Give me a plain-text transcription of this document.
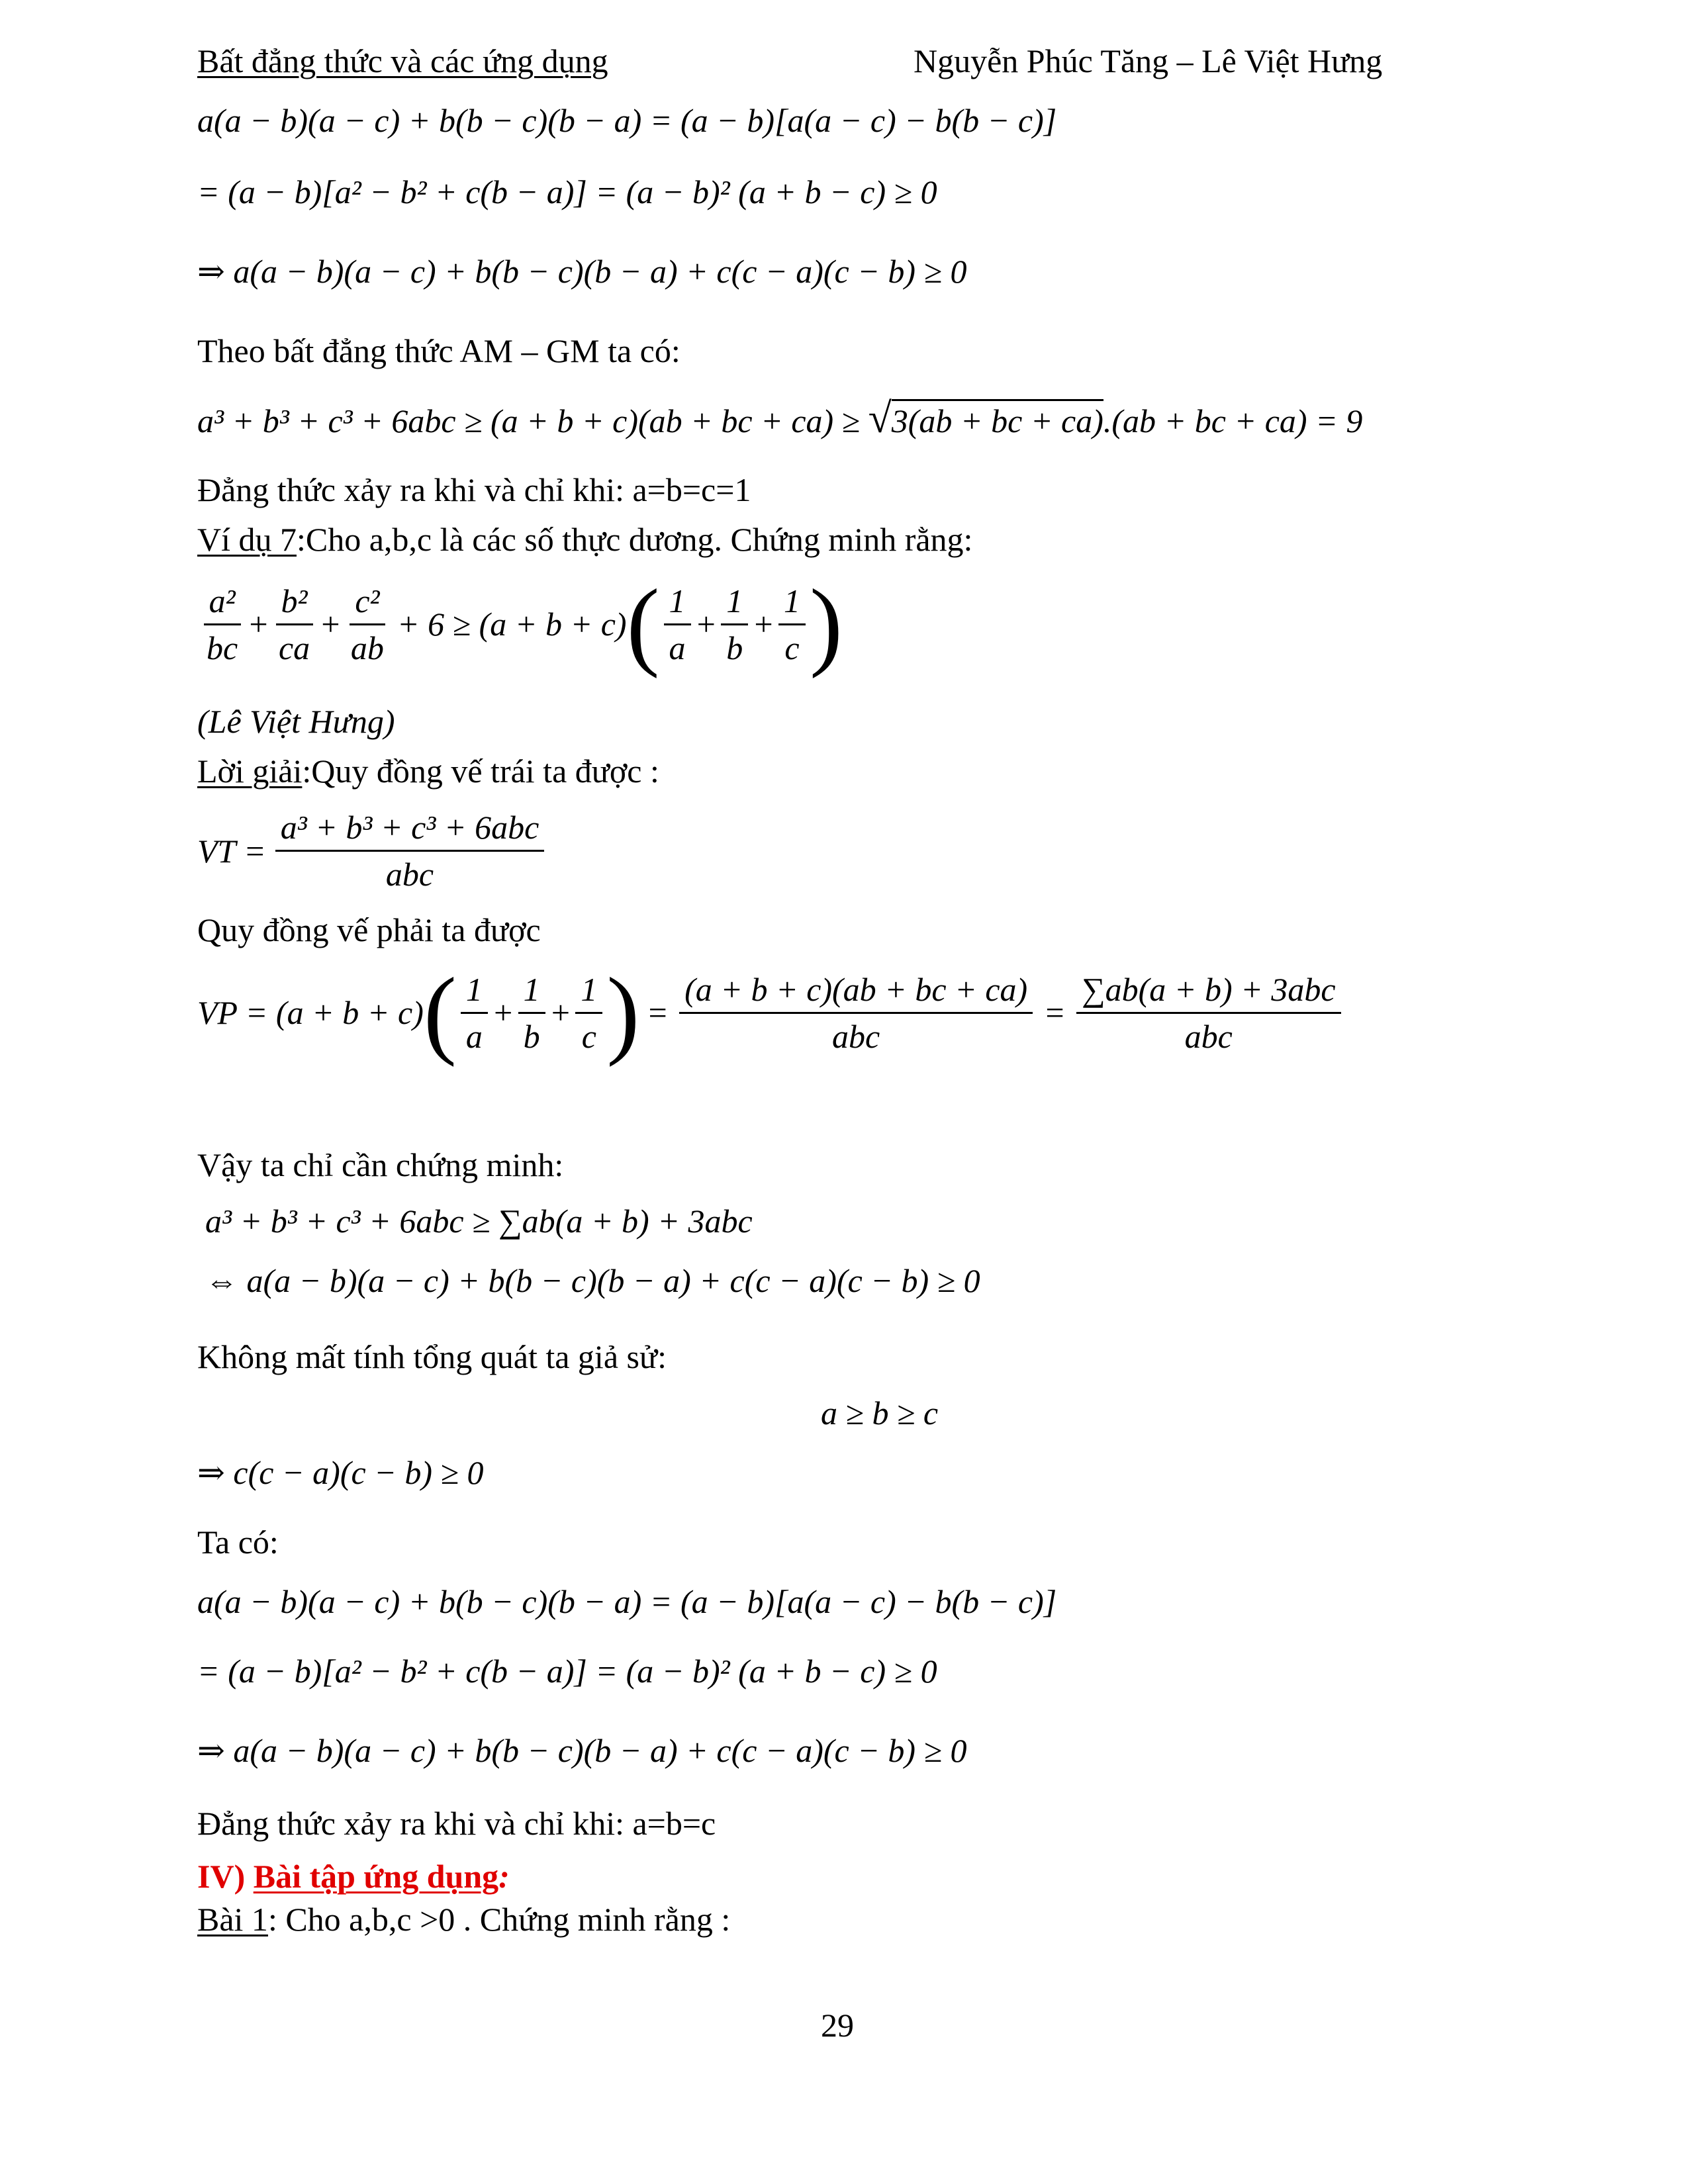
Bất đẳng thức và các ứng dụng	Nguyễn Phúc Tăng – Lê Việt Hưng
a(a − b)(a − c) + b(b − c)(b − a) = (a − b)[a(a − c) − b(b − c)]
= (a − b)[a² − b² + c(b − a)] = (a − b)² (a + b − c) ≥ 0
⇒ a(a − b)(a − c) + b(b − c)(b − a) + c(c − a)(c − b) ≥ 0
Theo bất đẳng thức AM – GM ta có:
a³ + b³ + c³ + 6abc ≥ (a + b + c)(ab + bc + ca) ≥ √3(ab + bc + ca).(ab + bc + ca) = 9
Đẳng thức xảy ra khi và chỉ khi: a=b=c=1
Ví dụ 7:Cho a,b,c là các số thực dương. Chứng minh rằng:
$\frac{\text{a²}}{bc} + \frac{\text{b²}}{ca} + \frac{\text{c²}}{ab} + 6 \ge (a + b + c)$ ( $\frac{1}{a} + \frac{1}{b} + \frac{1}{c}$ )
(Lê Việt Hưng)
Lời giải:Quy đồng vế trái ta được :
VT = $\frac{\text{a³ + b³ + c³ + 6abc}}{\text{abc}}$
Quy đồng vế phải ta được
VP = (a + b + c) ( $\frac{1}{a} + \frac{1}{b} + \frac{1}{c}$ ) = $\frac{(a + b + c)(ab + bc + ca)}{\text{abc}} = \frac{\text{∑ab(a + b) + 3abc}}{\text{abc}}$
Vậy ta chỉ cần chứng minh:
a³ + b³ + c³ + 6abc ≥ ∑ab(a + b) + 3abc
⇔ a(a − b)(a − c) + b(b − c)(b − a) + c(c − a)(c − b) ≥ 0
Không mất tính tổng quát ta giả sử:
a ≥ b ≥ c
⇒ c(c − a)(c − b) ≥ 0
Ta có:
a(a − b)(a − c) + b(b − c)(b − a) = (a − b)[a(a − c) − b(b − c)]
= (a − b)[a² − b² + c(b − a)] = (a − b)² (a + b − c) ≥ 0
⇒ a(a − b)(a − c) + b(b − c)(b − a) + c(c − a)(c − b) ≥ 0
Đẳng thức xảy ra khi và chỉ khi: a=b=c
IV) Bài tập ứng dụng:
Bài 1: Cho a,b,c >0 . Chứng minh rằng :
29
